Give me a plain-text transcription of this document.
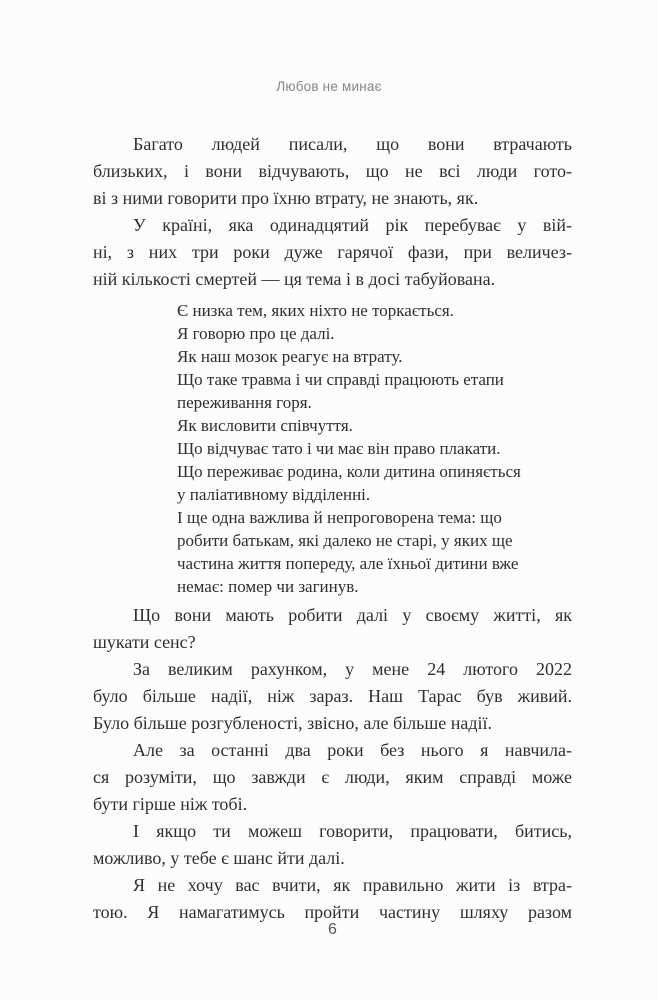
Любов не минає
Багато людей писали, що вони втрачають
близьких, і вони відчувають, що не всі люди гото-
ві з ними говорити про їхню втрату, не знають, як.
У країні, яка одинадцятий рік перебуває у вій-
ні, з них три роки дуже гарячої фази, при величез-
ній кількості смертей — ця тема і в досі табуйована.
Є низка тем, яких ніхто не торкається.
Я говорю про це далі.
Як наш мозок реагує на втрату.
Що таке травма і чи справді працюють етапи
переживання горя.
Як висловити співчуття.
Що відчуває тато і чи має він право плакати.
Що переживає родина, коли дитина опиняється
у паліативному відділенні.
І ще одна важлива й непроговорена тема: що
робити батькам, які далеко не старі, у яких ще
частина життя попереду, але їхньої дитини вже
немає: помер чи загинув.
Що вони мають робити далі у своєму житті, як
шукати сенс?
За великим рахунком, у мене 24 лютого 2022
було більше надії, ніж зараз. Наш Тарас був живий.
Було більше розгубленості, звісно, але більше надії.
Але за останні два роки без нього я навчила-
ся розуміти, що завжди є люди, яким справді може
бути гірше ніж тобі.
І якщо ти можеш говорити, працювати, битись,
можливо, у тебе є шанс йти далі.
Я не хочу вас вчити, як правильно жити із втра-
тою. Я намагатимусь пройти частину шляху разом
6
